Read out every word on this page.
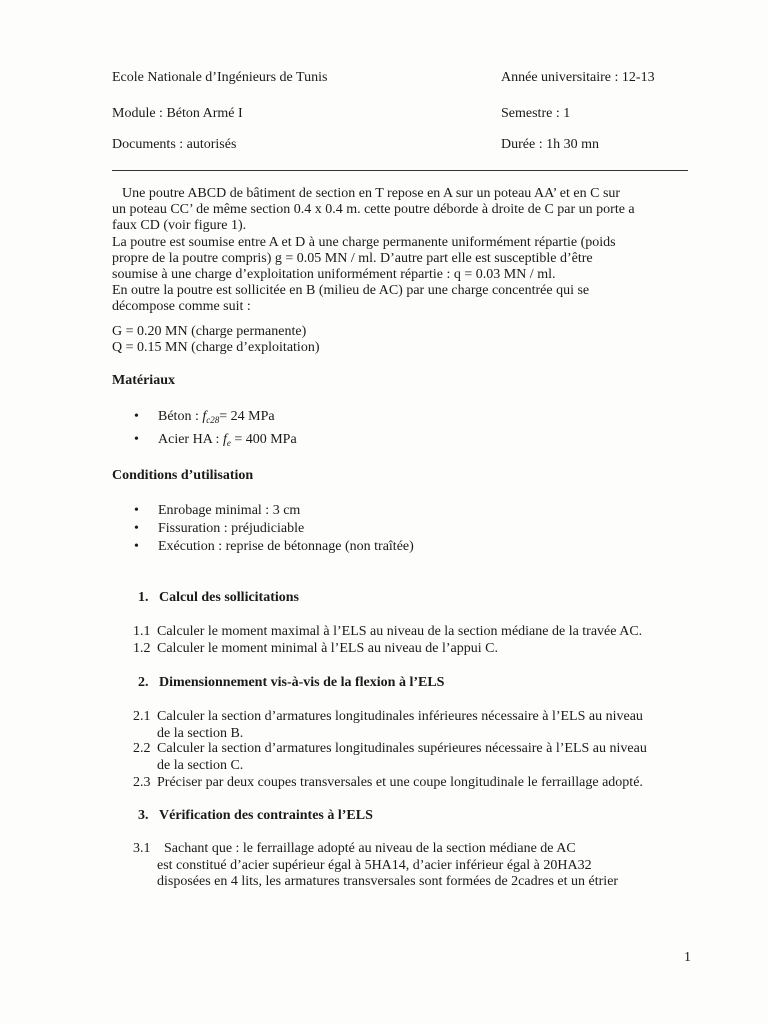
Ecole Nationale d’Ingénieurs de Tunis	Année universitaire : 12-13
Module : Béton Armé I	Semestre : 1
Documents : autorisés	Durée : 1h 30 mn
Une poutre ABCD de bâtiment de section en T repose en A sur un poteau AA’ et en C sur
un poteau CC’ de même section 0.4 x 0.4 m. cette poutre déborde à droite de C par un porte a
faux CD (voir figure 1).
La poutre est soumise entre A et D à une charge permanente uniformément répartie (poids
propre de la poutre compris) g = 0.05 MN / ml. D’autre part elle est susceptible d’être
soumise à une charge d’exploitation uniformément répartie : q = 0.03 MN / ml.
En outre la poutre est sollicitée en B (milieu de AC) par une charge concentrée qui se
décompose comme suit :
G = 0.20 MN (charge permanente)
Q = 0.15 MN (charge d’exploitation)
Matériaux
• Béton : $f_{c28}= 24$ MPa
• Acier HA : $f_e = 400$ MPa
Conditions d’utilisation
• Enrobage minimal : 3 cm
• Fissuration : préjudiciable
• Exécution : reprise de bétonnage (non traîtée)
1. Calcul des sollicitations
1.1 Calculer le moment maximal à l’ELS au niveau de la section médiane de la travée AC.
1.2 Calculer le moment minimal à l’ELS au niveau de l’appui C.
2. Dimensionnement vis-à-vis de la flexion à l’ELS
2.1 Calculer la section d’armatures longitudinales inférieures nécessaire à l’ELS au niveau
de la section B.
2.2 Calculer la section d’armatures longitudinales supérieures nécessaire à l’ELS au niveau
de la section C.
2.3 Préciser par deux coupes transversales et une coupe longitudinale le ferraillage adopté.
3. Vérification des contraintes à l’ELS
3.1  Sachant que : le ferraillage adopté au niveau de la section médiane de AC
est constitué d’acier supérieur égal à 5HA14, d’acier inférieur égal à 20HA32
disposées en 4 lits, les armatures transversales sont formées de 2cadres et un étrier
1
